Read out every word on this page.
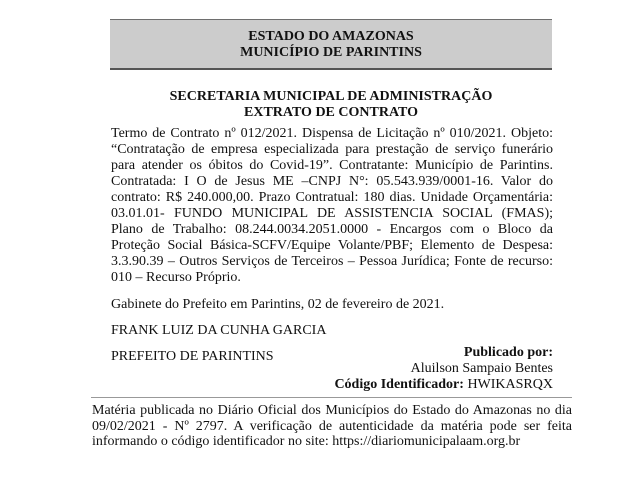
ESTADO DO AMAZONAS
MUNICÍPIO DE PARINTINS
SECRETARIA MUNICIPAL DE ADMINISTRAÇÃO
EXTRATO DE CONTRATO

Termo de Contrato nº 012/2021. Dispensa de Licitação nº 010/2021. Objeto: “Contratação de empresa especializada para prestação de serviço funerário para atender os óbitos do Covid-19”. Contratante: Município de Parintins. Contratada: I O de Jesus ME –CNPJ N°: 05.543.939/0001-16. Valor do contrato: R$ 240.000,00. Prazo Contratual: 180 dias. Unidade Orçamentária: 03.01.01- FUNDO MUNICIPAL DE ASSISTENCIA SOCIAL (FMAS); Plano de Trabalho: 08.244.0034.2051.0000 - Encargos com o Bloco da Proteção Social Básica-SCFV/Equipe Volante/PBF; Elemento de Despesa: 3.3.90.39 – Outros Serviços de Terceiros – Pessoa Jurídica; Fonte de recurso: 010 – Recurso Próprio.

Gabinete do Prefeito em Parintins, 02 de fevereiro de 2021.

FRANK LUIZ DA CUNHA GARCIA

PREFEITO DE PARINTINS	Publicado por:
Aluilson Sampaio Bentes
Código Identificador: HWIKASRQX

Matéria publicada no Diário Oficial dos Municípios do Estado do Amazonas no dia 09/02/2021 - Nº 2797. A verificação de autenticidade da matéria pode ser feita informando o código identificador no site: https://diariomunicipalaam.org.br
